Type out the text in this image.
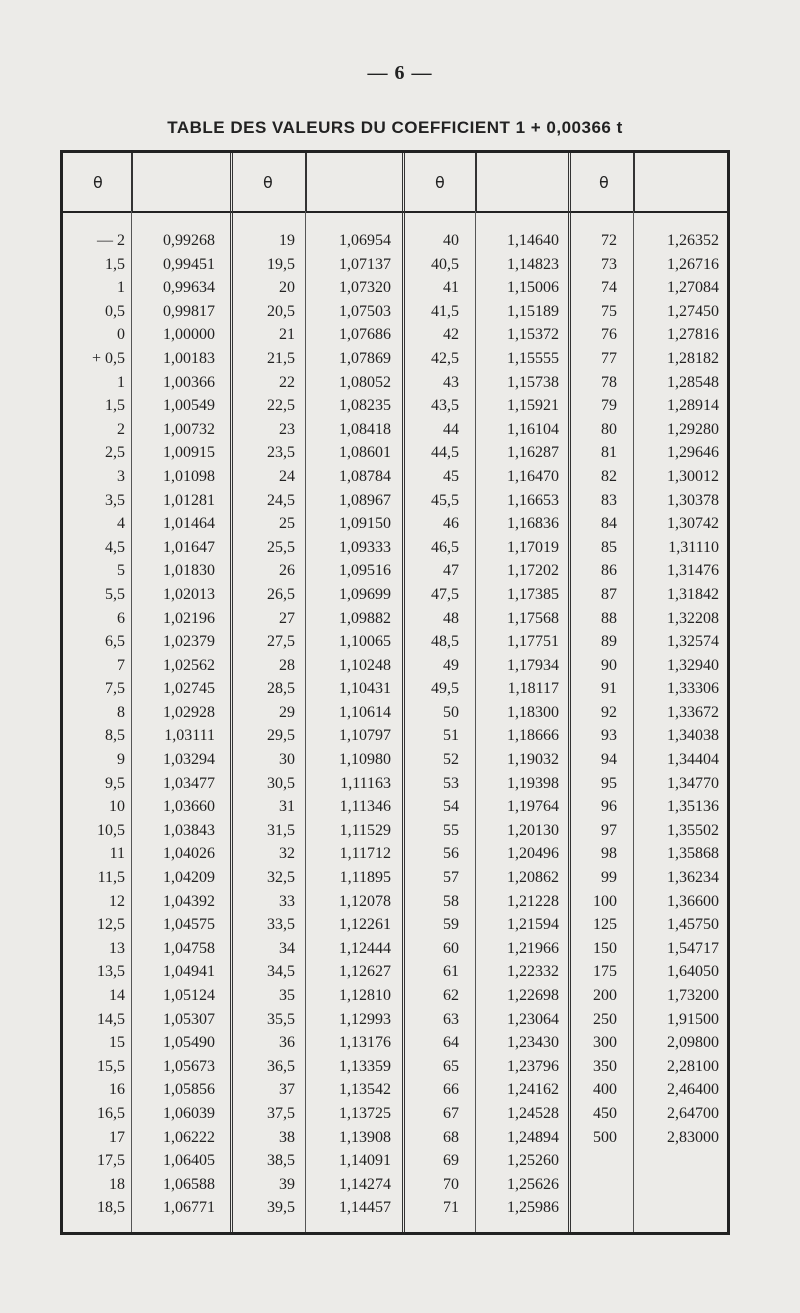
— 6 —
TABLE DES VALEURS DU COEFFICIENT 1 + 0,00366 t
θ
— 2
1,5
1
0,5
0
+ 0,5
1
1,5
2
2,5
3
3,5
4
4,5
5
5,5
6
6,5
7
7,5
8
8,5
9
9,5
10
10,5
11
11,5
12
12,5
13
13,5
14
14,5
15
15,5
16
16,5
17
17,5
18
18,5
0,99268
0,99451
0,99634
0,99817
1,00000
1,00183
1,00366
1,00549
1,00732
1,00915
1,01098
1,01281
1,01464
1,01647
1,01830
1,02013
1,02196
1,02379
1,02562
1,02745
1,02928
1,03111
1,03294
1,03477
1,03660
1,03843
1,04026
1,04209
1,04392
1,04575
1,04758
1,04941
1,05124
1,05307
1,05490
1,05673
1,05856
1,06039
1,06222
1,06405
1,06588
1,06771
θ
19
19,5
20
20,5
21
21,5
22
22,5
23
23,5
24
24,5
25
25,5
26
26,5
27
27,5
28
28,5
29
29,5
30
30,5
31
31,5
32
32,5
33
33,5
34
34,5
35
35,5
36
36,5
37
37,5
38
38,5
39
39,5
1,06954
1,07137
1,07320
1,07503
1,07686
1,07869
1,08052
1,08235
1,08418
1,08601
1,08784
1,08967
1,09150
1,09333
1,09516
1,09699
1,09882
1,10065
1,10248
1,10431
1,10614
1,10797
1,10980
1,11163
1,11346
1,11529
1,11712
1,11895
1,12078
1,12261
1,12444
1,12627
1,12810
1,12993
1,13176
1,13359
1,13542
1,13725
1,13908
1,14091
1,14274
1,14457
θ
40
40,5
41
41,5
42
42,5
43
43,5
44
44,5
45
45,5
46
46,5
47
47,5
48
48,5
49
49,5
50
51
52
53
54
55
56
57
58
59
60
61
62
63
64
65
66
67
68
69
70
71
1,14640
1,14823
1,15006
1,15189
1,15372
1,15555
1,15738
1,15921
1,16104
1,16287
1,16470
1,16653
1,16836
1,17019
1,17202
1,17385
1,17568
1,17751
1,17934
1,18117
1,18300
1,18666
1,19032
1,19398
1,19764
1,20130
1,20496
1,20862
1,21228
1,21594
1,21966
1,22332
1,22698
1,23064
1,23430
1,23796
1,24162
1,24528
1,24894
1,25260
1,25626
1,25986
θ
72
73
74
75
76
77
78
79
80
81
82
83
84
85
86
87
88
89
90
91
92
93
94
95
96
97
98
99
100
125
150
175
200
250
300
350
400
450
500
1,26352
1,26716
1,27084
1,27450
1,27816
1,28182
1,28548
1,28914
1,29280
1,29646
1,30012
1,30378
1,30742
1,31110
1,31476
1,31842
1,32208
1,32574
1,32940
1,33306
1,33672
1,34038
1,34404
1,34770
1,35136
1,35502
1,35868
1,36234
1,36600
1,45750
1,54717
1,64050
1,73200
1,91500
2,09800
2,28100
2,46400
2,64700
2,83000
